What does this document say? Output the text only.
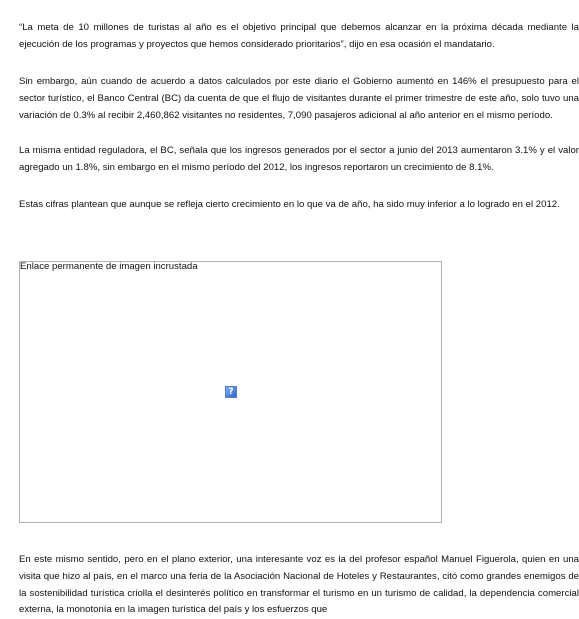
“La meta de 10 millones de turistas al año es el objetivo principal que debemos alcanzar en la próxima década mediante la ejecución de los programas y proyectos que hemos considerado prioritarios”, dijo en esa ocasión el mandatario.

Sin embargo, aún cuando de acuerdo a datos calculados por este diario el Gobierno aumentó en 146% el presupuesto para el sector turístico, el Banco Central (BC) da cuenta de que el flujo de visitantes durante el primer trimestre de este año, solo tuvo una variación de 0.3% al recibir 2,460,862 visitantes no residentes, 7,090 pasajeros adicional al año anterior en el mismo período.

La misma entidad reguladora, el BC, señala que los ingresos generados por el sector a junio del 2013 aumentaron 3.1% y el valor agregado un 1.8%, sin embargo en el mismo período del 2012, los ingresos reportaron un crecimiento de 8.1%.

Estas cifras plantean que aunque se refleja cierto crecimiento en lo que va de año, ha sido muy inferior a lo logrado en el 2012.

Enlace permanente de imagen incrustada
?

En este mismo sentido, pero en el plano exterior, una interesante voz es la del profesor español Manuel Figuerola, quien en una visita que hizo al país, en el marco una feria de la Asociación Nacional de Hoteles y Restaurantes, citó como grandes enemigos de la sostenibilidad turística criolla el desinterés político en transformar el turismo en un turismo de calidad, la dependencia comercial externa, la monotonía en la imagen turística del país y los esfuerzos que
